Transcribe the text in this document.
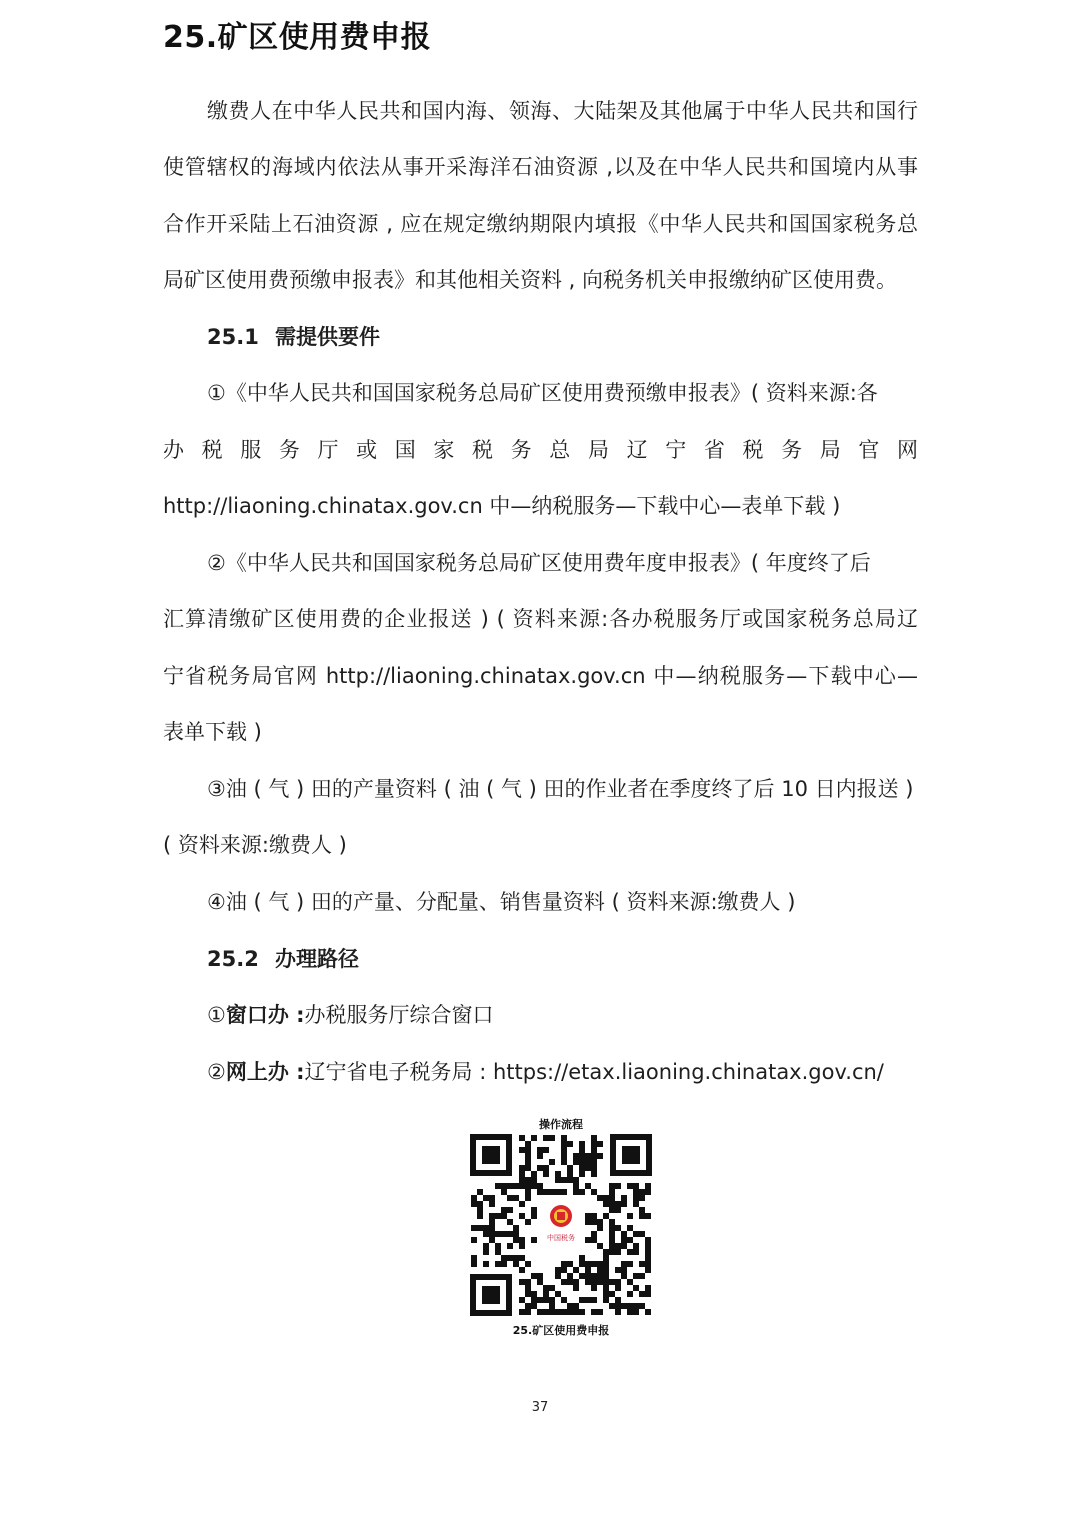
25.矿区使用费申报
缴费人在中华人民共和国内海、领海、大陆架及其他属于中华人民共和国行
使管辖权的海域内依法从事开采海洋石油资源 ,以及在中华人民共和国境内从事
合作开采陆上石油资源 , 应在规定缴纳期限内填报《中华人民共和国国家税务总
局矿区使用费预缴申报表》和其他相关资料 , 向税务机关申报缴纳矿区使用费。
25.1 需提供要件
①《中华人民共和国国家税务总局矿区使用费预缴申报表》( 资料来源:各
办 税 服 务 厅 或 国 家 税 务 总 局 辽 宁 省 税 务 局 官 网
http://liaoning.chinatax.gov.cn 中—纳税服务—下载中心—表单下载 )
②《中华人民共和国国家税务总局矿区使用费年度申报表》( 年度终了后
汇算清缴矿区使用费的企业报送 ) ( 资料来源:各办税服务厅或国家税务总局辽
宁省税务局官网 http://liaoning.chinatax.gov.cn 中—纳税服务—下载中心—
表单下载 )
③油 ( 气 ) 田的产量资料 ( 油 ( 气 ) 田的作业者在季度终了后 10 日内报送 )
( 资料来源:缴费人 )
④油 ( 气 ) 田的产量、分配量、销售量资料 ( 资料来源:缴费人 )
25.2 办理路径
①窗口办 :办税服务厅综合窗口
②网上办 :辽宁省电子税务局 : https://etax.liaoning.chinatax.gov.cn/
操作流程
中国税务
25.矿区使用费申报
37
